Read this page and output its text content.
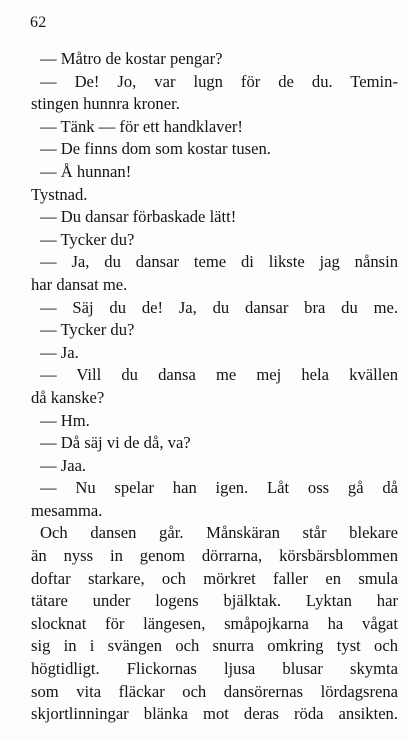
62
— Måtro de kostar pengar?
— De! Jo, var lugn för de du. Temin-
stingen hunnra kroner.
— Tänk — för ett handklaver!
— De finns dom som kostar tusen.
— Å hunnan!
Tystnad.
— Du dansar förbaskade lätt!
— Tycker du?
— Ja, du dansar teme di likste jag nånsin
har dansat me.
— Säj du de! Ja, du dansar bra du me.
— Tycker du?
— Ja.
— Vill du dansa me mej hela kvällen
då kanske?
— Hm.
— Då säj vi de då, va?
— Jaa.
— Nu spelar han igen. Låt oss gå då
mesamma.
Och dansen går. Månskäran står blekare
än nyss in genom dörrarna, körsbärsblommen
doftar starkare, och mörkret faller en smula
tätare under logens bjälktak. Lyktan har
slocknat för längesen, småpojkarna ha vågat
sig in i svängen och snurra omkring tyst och
högtidligt. Flickornas ljusa blusar skymta
som vita fläckar och dansörernas lördagsrena
skjortlinningar blänka mot deras röda ansikten.
